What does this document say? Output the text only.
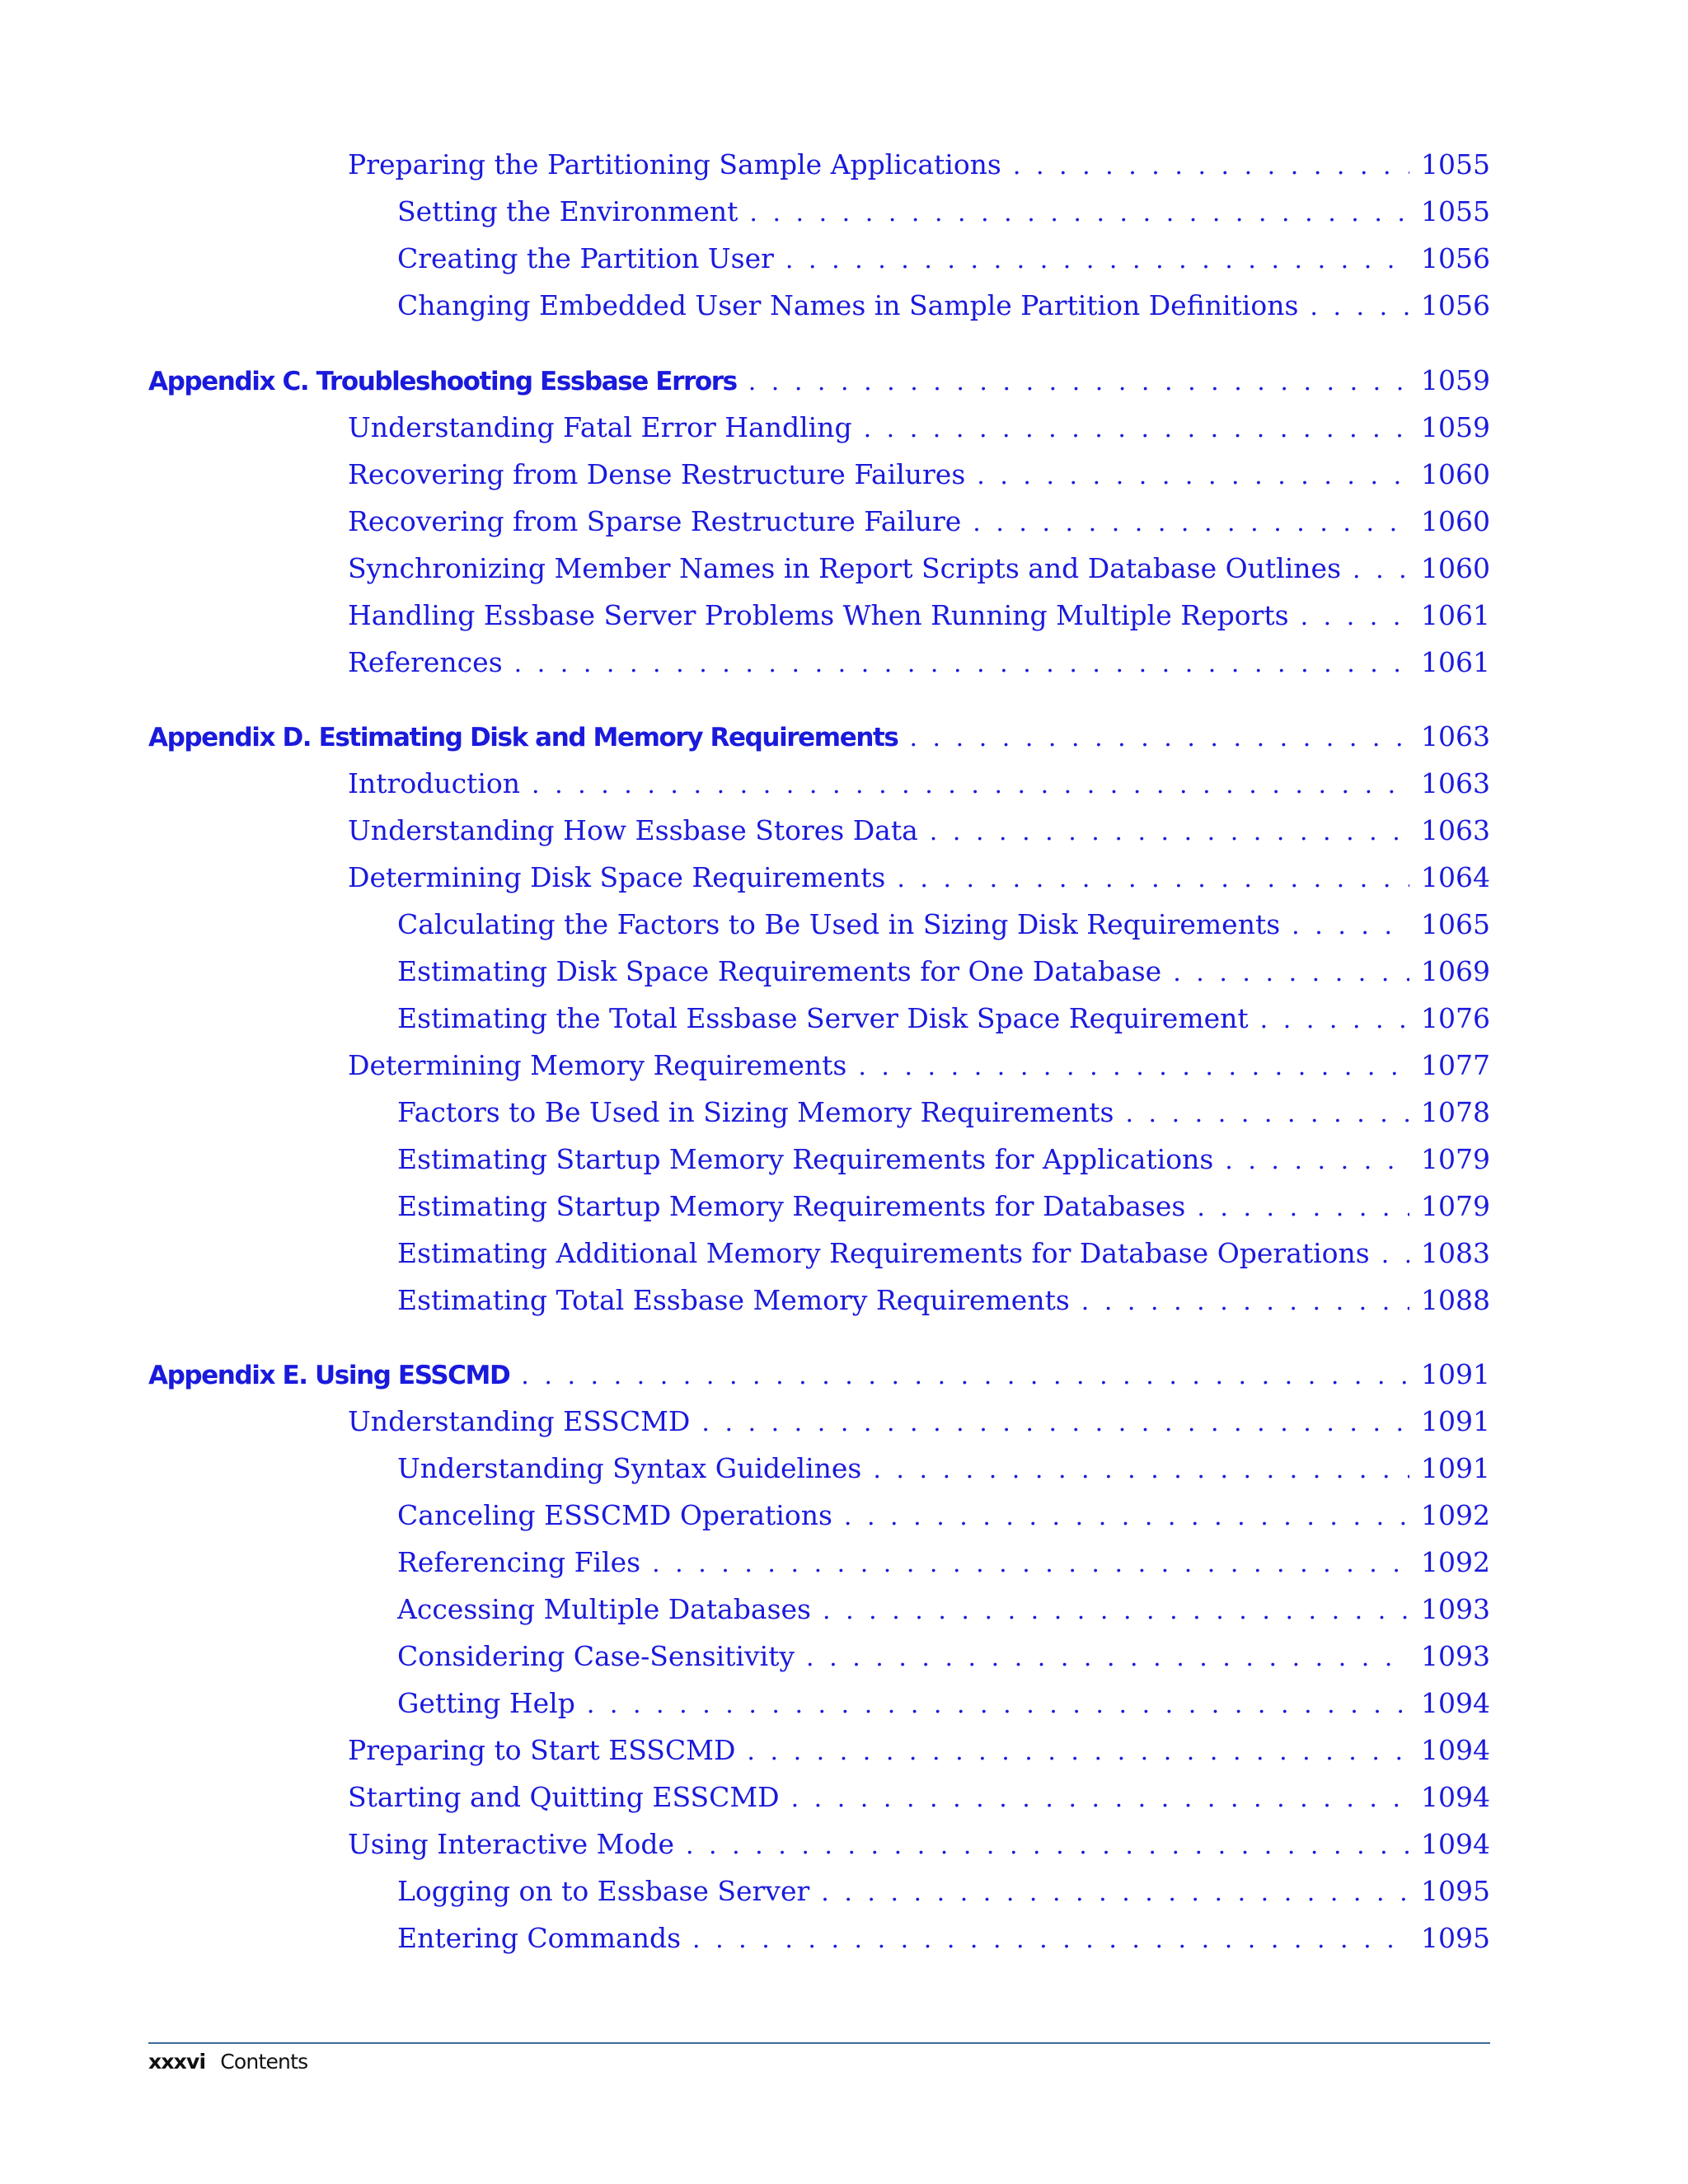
Preparing the Partitioning Sample Applications . . .	1055
Setting the Environment . . .	1055
Creating the Partition User . . .	1056
Changing Embedded User Names in Sample Partition Definitions . . .	1056
Appendix C. Troubleshooting Essbase Errors . . .	1059
Understanding Fatal Error Handling . . .	1059
Recovering from Dense Restructure Failures . . .	1060
Recovering from Sparse Restructure Failure . . .	1060
Synchronizing Member Names in Report Scripts and Database Outlines . . .	1060
Handling Essbase Server Problems When Running Multiple Reports . . .	1061
References . . .	1061
Appendix D. Estimating Disk and Memory Requirements . . .	1063
Introduction . . .	1063
Understanding How Essbase Stores Data . . .	1063
Determining Disk Space Requirements . . .	1064
Calculating the Factors to Be Used in Sizing Disk Requirements . . .	1065
Estimating Disk Space Requirements for One Database . . .	1069
Estimating the Total Essbase Server Disk Space Requirement . . .	1076
Determining Memory Requirements . . .	1077
Factors to Be Used in Sizing Memory Requirements . . .	1078
Estimating Startup Memory Requirements for Applications . . .	1079
Estimating Startup Memory Requirements for Databases . . .	1079
Estimating Additional Memory Requirements for Database Operations . . . 1083
Estimating Total Essbase Memory Requirements . . .	1088
Appendix E. Using ESSCMD . . .	1091
Understanding ESSCMD . . .	1091
Understanding Syntax Guidelines . . .	1091
Canceling ESSCMD Operations . . .	1092
Referencing Files . . .	1092
Accessing Multiple Databases . . .	1093
Considering Case-Sensitivity . . .	1093
Getting Help . . .	1094
Preparing to Start ESSCMD . . .	1094
Starting and Quitting ESSCMD . . .	1094
Using Interactive Mode . . .	1094
Logging on to Essbase Server . . .	1095
Entering Commands . . .	1095
xxxvi Contents
